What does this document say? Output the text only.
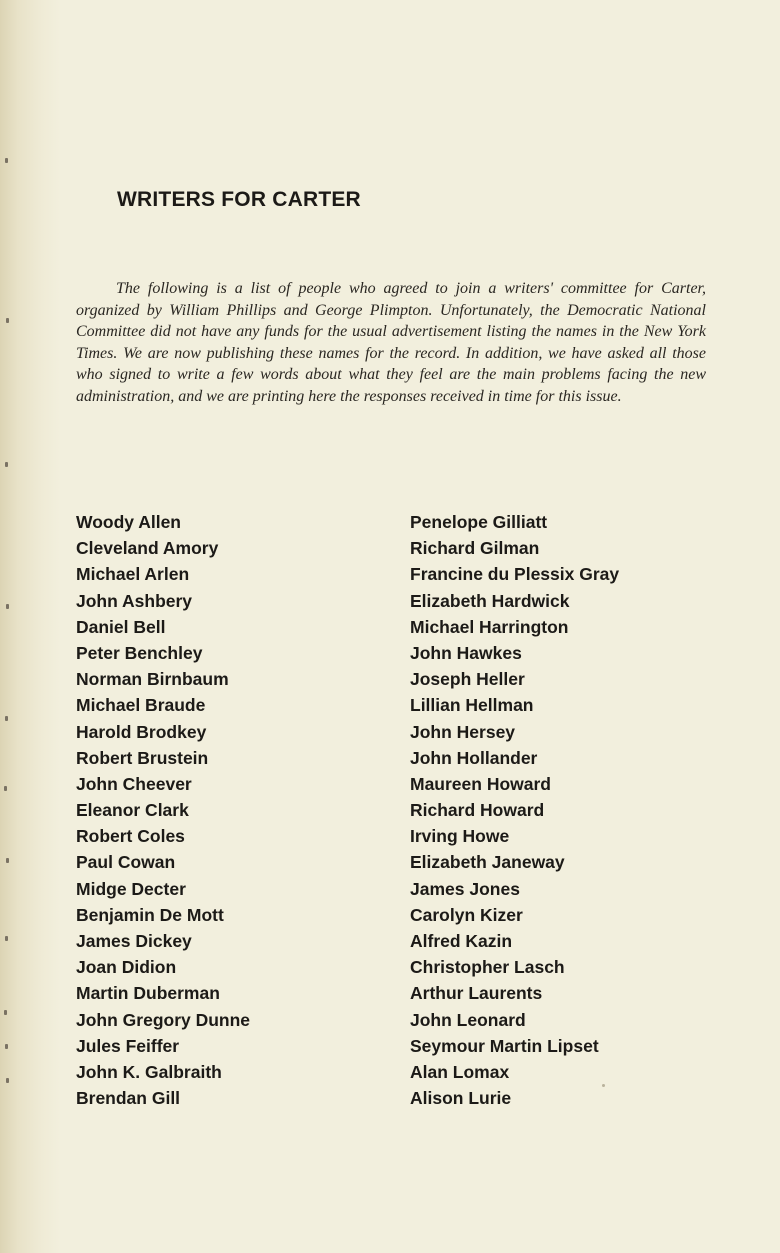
WRITERS FOR CARTER

The following is a list of people who agreed to join a writers' committee for Carter, organized by William Phillips and George Plimpton. Unfortunately, the Democratic National Committee did not have any funds for the usual advertisement listing the names in the New York Times. We are now publishing these names for the record. In addition, we have asked all those who signed to write a few words about what they feel are the main problems facing the new administration, and we are printing here the responses received in time for this issue.

Woody Allen
Cleveland Amory
Michael Arlen
John Ashbery
Daniel Bell
Peter Benchley
Norman Birnbaum
Michael Braude
Harold Brodkey
Robert Brustein
John Cheever
Eleanor Clark
Robert Coles
Paul Cowan
Midge Decter
Benjamin De Mott
James Dickey
Joan Didion
Martin Duberman
John Gregory Dunne
Jules Feiffer
John K. Galbraith
Brendan Gill
Penelope Gilliatt
Richard Gilman
Francine du Plessix Gray
Elizabeth Hardwick
Michael Harrington
John Hawkes
Joseph Heller
Lillian Hellman
John Hersey
John Hollander
Maureen Howard
Richard Howard
Irving Howe
Elizabeth Janeway
James Jones
Carolyn Kizer
Alfred Kazin
Christopher Lasch
Arthur Laurents
John Leonard
Seymour Martin Lipset
Alan Lomax
Alison Lurie
